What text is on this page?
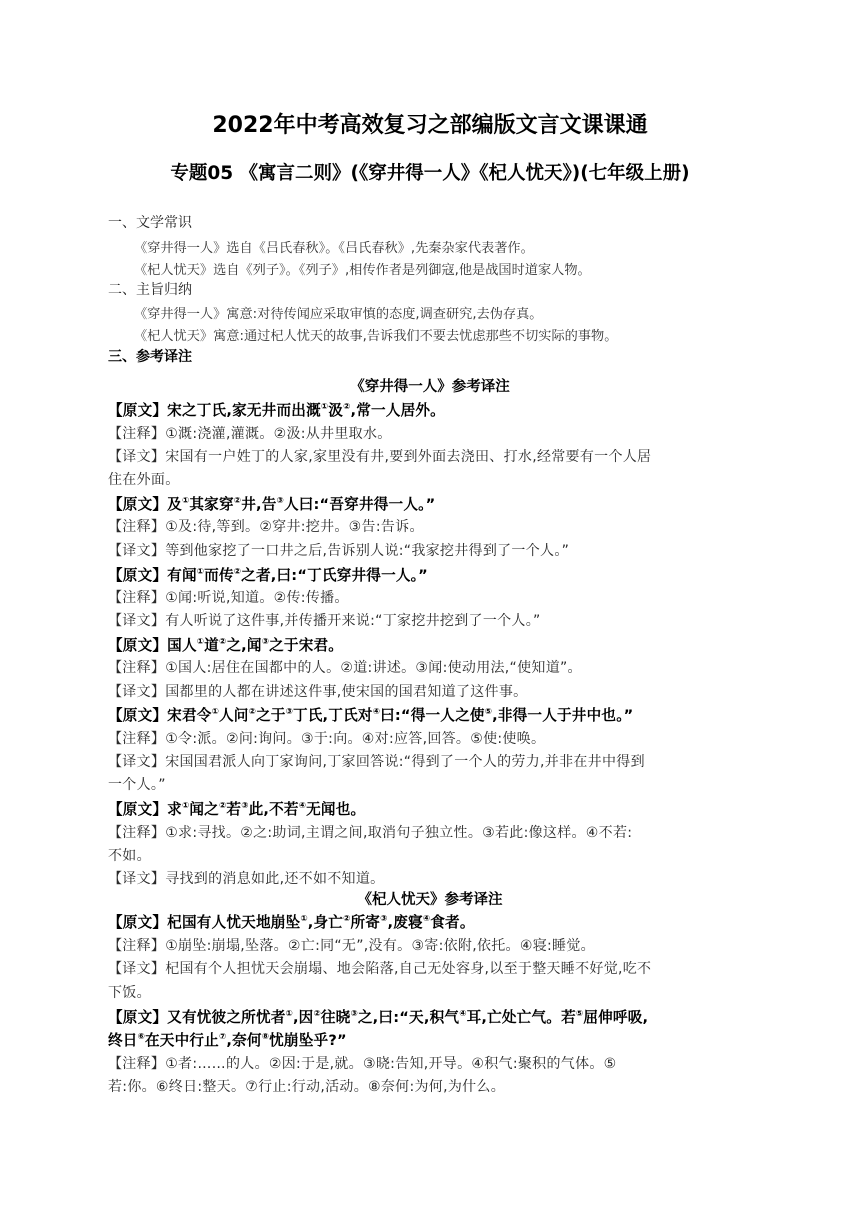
2022年中考高效复习之部编版文言文课课通
专题05 《寓言二则》(《穿井得一人》《杞人忧天》)(七年级上册)
一、文学常识
《穿井得一人》选自《吕氏春秋》。《吕氏春秋》,先秦杂家代表著作。
《杞人忧天》选自《列子》。《列子》,相传作者是列御寇,他是战国时道家人物。
二、主旨归纳
《穿井得一人》寓意:对待传闻应采取审慎的态度,调查研究,去伪存真。
《杞人忧天》寓意:通过杞人忧天的故事,告诉我们不要去忧虑那些不切实际的事物。
三、参考译注
《穿井得一人》参考译注
【原文】宋之丁氏,家无井而出溉①汲②,常一人居外。
【注释】①溉:浇灌,灌溉。②汲:从井里取水。
【译文】宋国有一户姓丁的人家,家里没有井,要到外面去浇田、打水,经常要有一个人居
住在外面。
【原文】及①其家穿②井,告③人曰:“吾穿井得一人。”
【注释】①及:待,等到。②穿井:挖井。③告:告诉。
【译文】等到他家挖了一口井之后,告诉别人说:“我家挖井得到了一个人。”
【原文】有闻①而传②之者,曰:“丁氏穿井得一人。”
【注释】①闻:听说,知道。②传:传播。
【译文】有人听说了这件事,并传播开来说:“丁家挖井挖到了一个人。”
【原文】国人①道②之,闻③之于宋君。
【注释】①国人:居住在国都中的人。②道:讲述。③闻:使动用法,“使知道”。
【译文】国都里的人都在讲述这件事,使宋国的国君知道了这件事。
【原文】宋君令①人问②之于③丁氏,丁氏对④曰:“得一人之使⑤,非得一人于井中也。”
【注释】①令:派。②问:询问。③于:向。④对:应答,回答。⑤使:使唤。
【译文】宋国国君派人向丁家询问,丁家回答说:“得到了一个人的劳力,并非在井中得到
一个人。”
【原文】求①闻之②若③此,不若④无闻也。
【注释】①求:寻找。②之:助词,主谓之间,取消句子独立性。③若此:像这样。④不若:
不如。
【译文】寻找到的消息如此,还不如不知道。
《杞人忧天》参考译注
【原文】杞国有人忧天地崩坠①,身亡②所寄③,废寝④食者。
【注释】①崩坠:崩塌,坠落。②亡:同“无”,没有。③寄:依附,依托。④寝:睡觉。
【译文】杞国有个人担忧天会崩塌、地会陷落,自己无处容身,以至于整天睡不好觉,吃不
下饭。
【原文】又有忧彼之所忧者①,因②往晓③之,曰:“天,积气④耳,亡处亡气。若⑤屈伸呼吸,
终日⑥在天中行止⑦,奈何⑧忧崩坠乎?”
【注释】①者:……的人。②因:于是,就。③晓:告知,开导。④积气:聚积的气体。⑤
若:你。⑥终日:整天。⑦行止:行动,活动。⑧奈何:为何,为什么。
